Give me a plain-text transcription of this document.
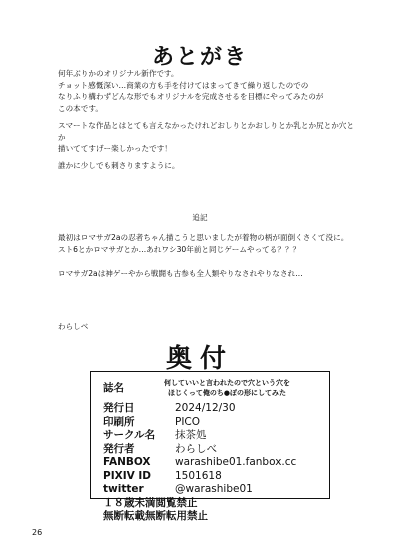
あとがき
何年ぶりかのオリジナル新作です。
チョット感慨深い…商業の方も手を付けてはまってきて繰り返したのでの
なりふり構わずどんな形でもオリジナルを完成させるを目標にやってみたのが
この本です。
スマートな作品とはとても言えなかったけれどおしりとかおしりとか乳とか尻とか穴とか
描いててすげー楽しかったです！
誰かに少しでも刺さりますように。
追記
最初はロマサガ2aの忍者ちゃん描こうと思いましたが着物の柄が面倒くさくて没に。
スト6とかロマサガとか…あれワシ30年前と同じゲームやってる？？？
ロマサガ2aは神ゲーやから戦闘も古参も全人類やりなされやりなされ…
わらしべ
奥付
誌名	何していいと言われたので穴という穴を
ほじくって俺のち●ぽの形にしてみた
発行日	2024/12/30
印刷所	PICO
サークル名 抹茶処
発行者	わらしべ
FANBOX warashibe01.fanbox.cc
PIXIV ID 1501618
twitter	@warashibe01
１８歳未満閲覧禁止
無断転載無断転用禁止
26
